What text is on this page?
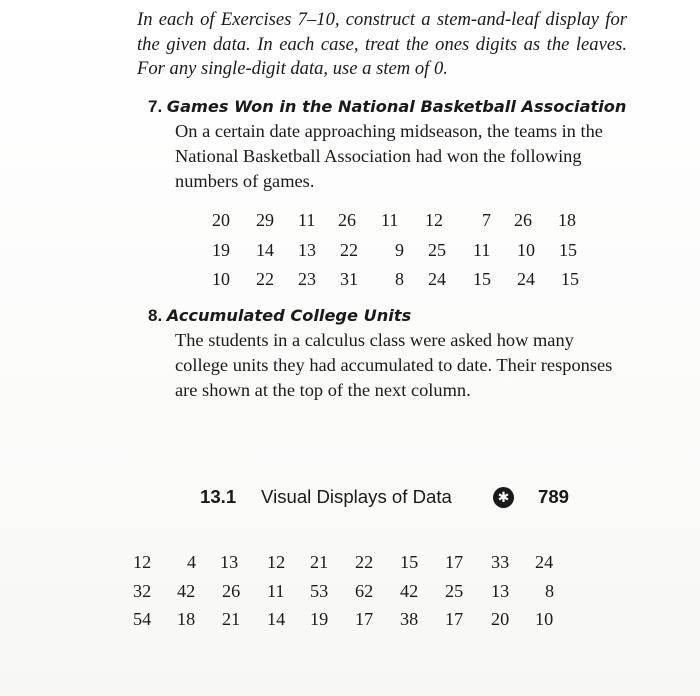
In each of Exercises 7–10, construct a stem-and-leaf display for the given data. In each case, treat the ones digits as the leaves. For any single-digit data, use a stem of 0.
7. Games Won in the National Basketball Association
On a certain date approaching midseason, the teams in the National Basketball Association had won the following numbers of games.
20 29 11 26 11 12 7 26 18
19 14 13 22 9 25 11 10 15
10 22 23 31 8 24 15 24 15
8. Accumulated College Units
The students in a calculus class were asked how many college units they had accumulated to date. Their responses are shown at the top of the next column.
13.1 Visual Displays of Data	✱ 789
12 4 13 12 21 22 15 17 33 24
32 42 26 11 53 62 42 25 13 8
54 18 21 14 19 17 38 17 20 10
